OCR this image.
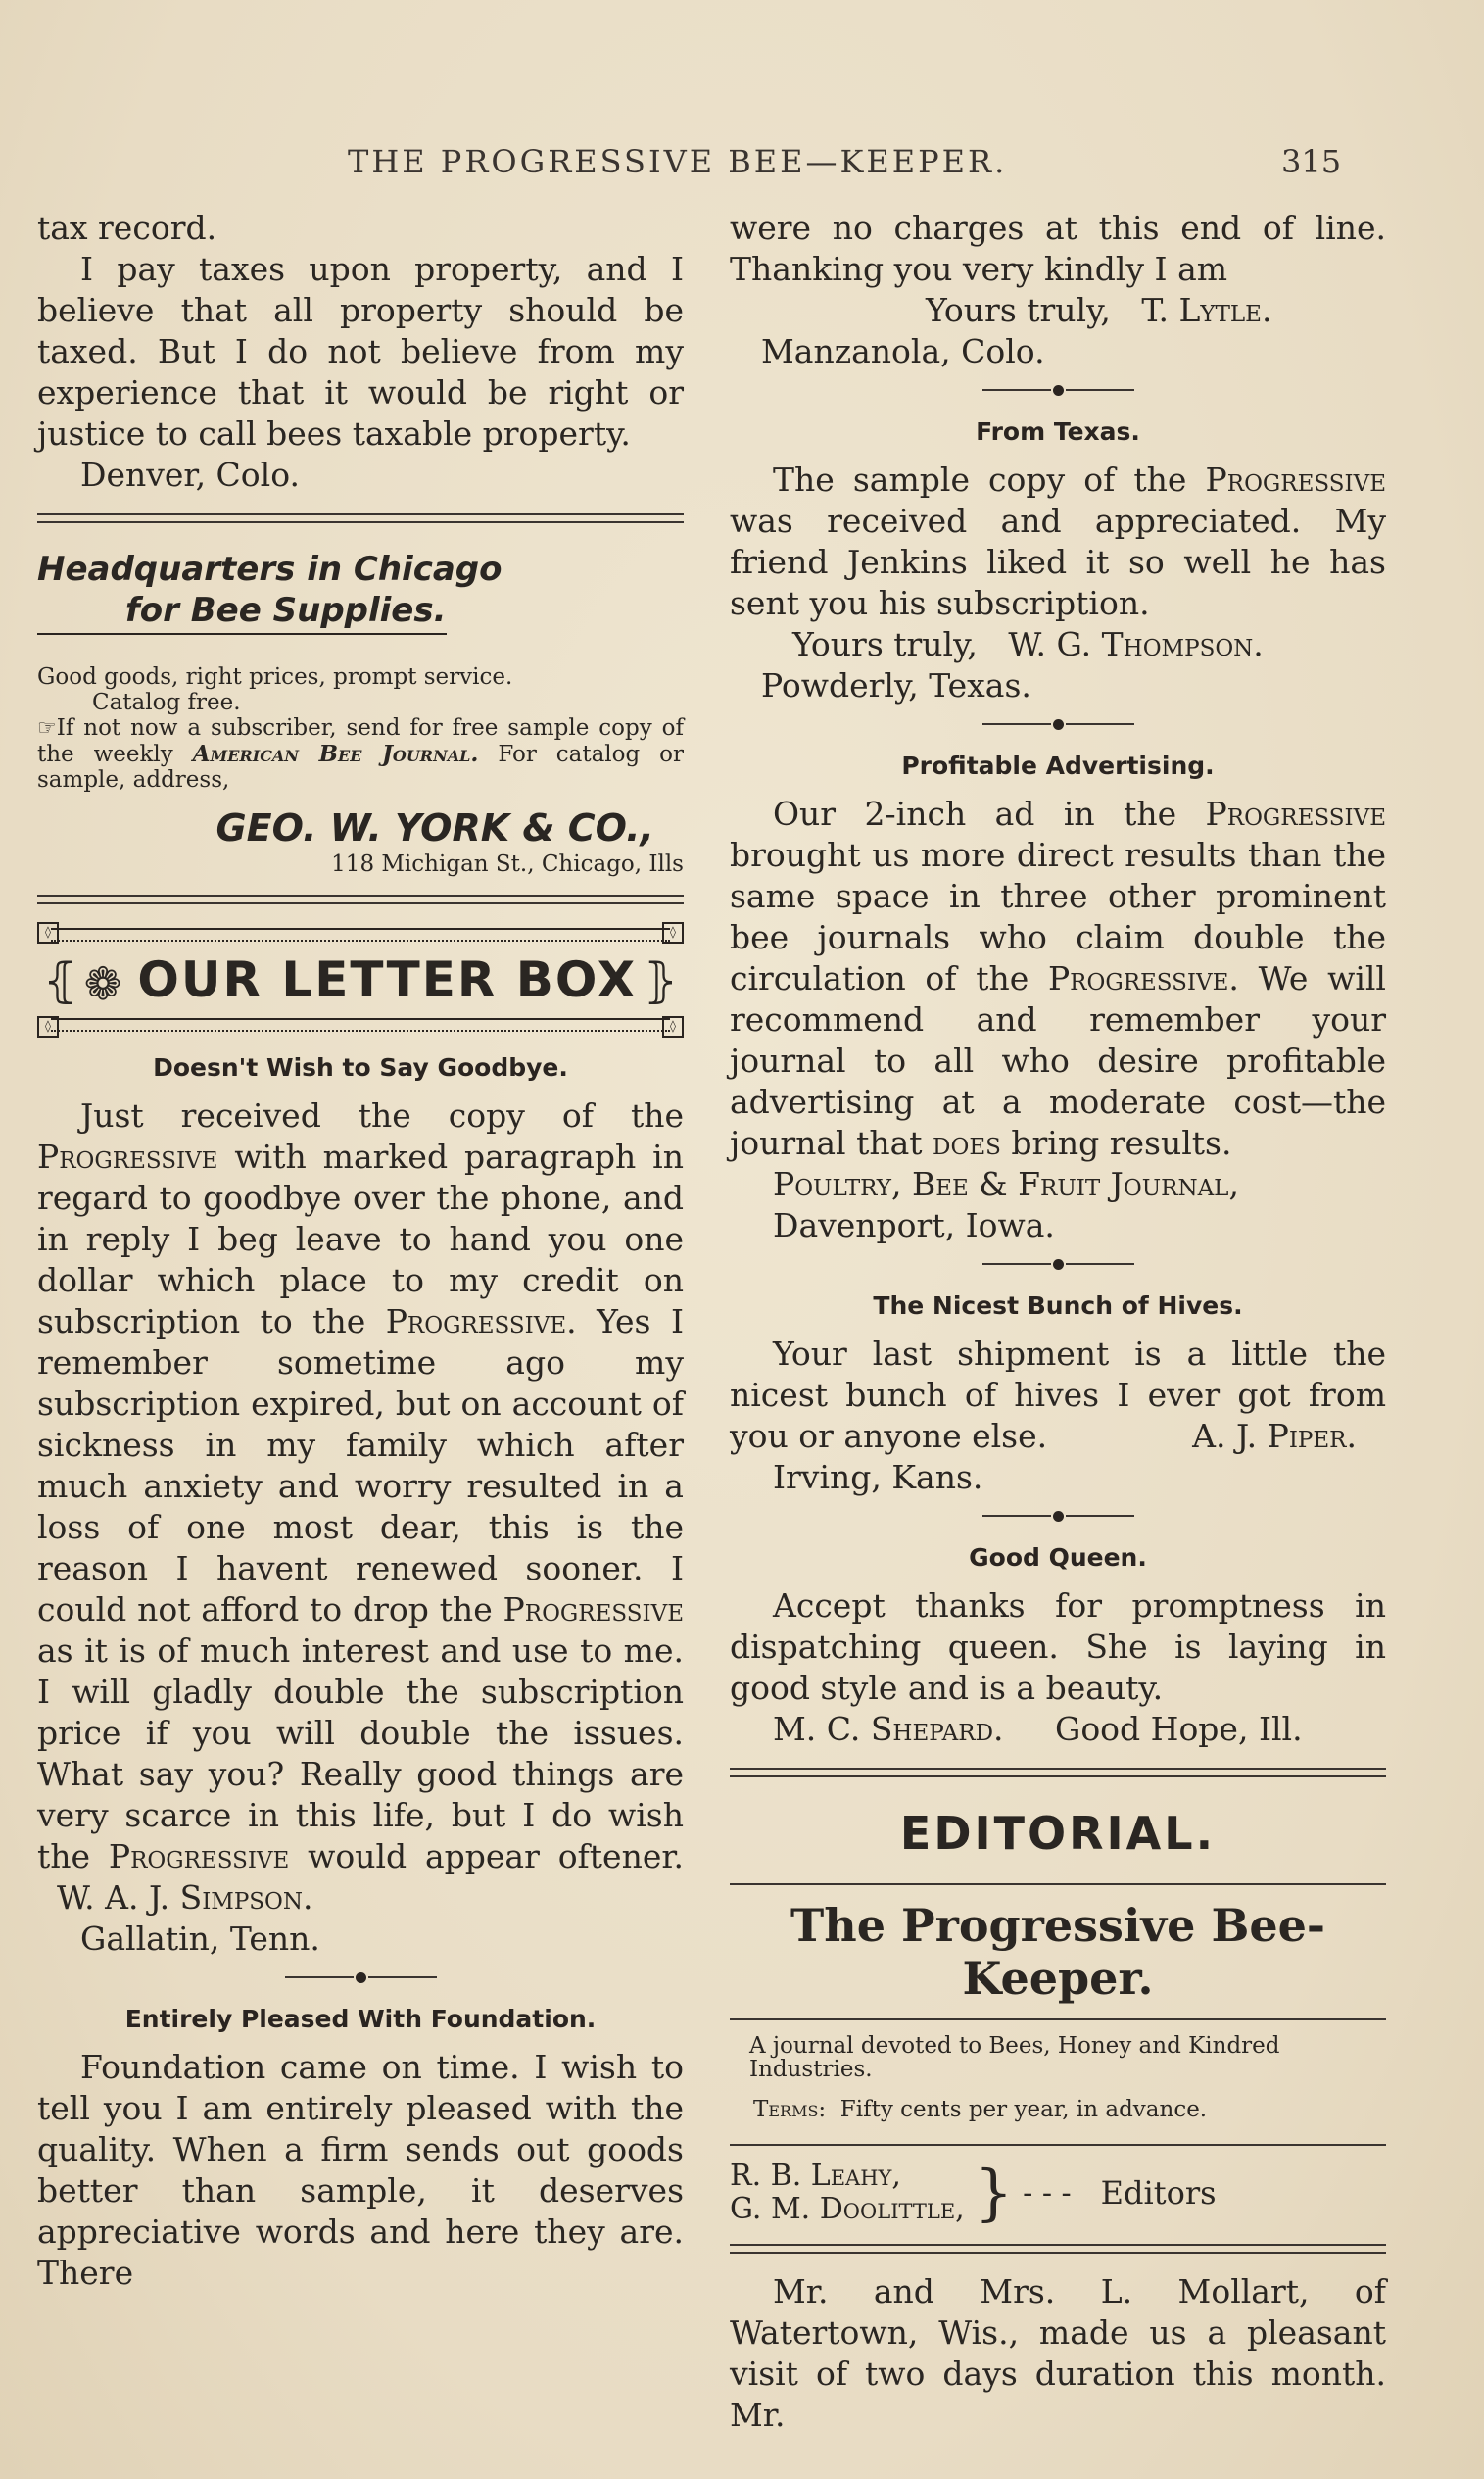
THE PROGRESSIVE BEE—KEEPER.	315

tax record.

I pay taxes upon property, and I believe that all property should be taxed. But I do not believe from my experience that it would be right or justice to call bees taxable property.

Denver, Colo.

Headquarters in Chicago
for Bee Supplies.

Good goods, right prices, prompt service.

Catalog free.

☞If not now a subscriber, send for free sample copy of the weekly American Bee Journal. For catalog or sample, address,

GEO. W. YORK & CO.,
118 Michigan St., Chicago, Ills
◊	◊
◊	◊
⦃	⦄
❁ OUR LETTER BOX
Doesn't Wish to Say Goodbye.

Just received the copy of the Progressive with marked paragraph in regard to goodbye over the phone, and in reply I beg leave to hand you one dollar which place to my credit on subscription to the Progressive. Yes I remember sometime ago my subscription expired, but on account of sickness in my family which after much anxiety and worry resulted in a loss of one most dear, this is the reason I havent renewed sooner. I could not afford to drop the Progressive as it is of much interest and use to me. I will gladly double the subscription price if you will double the issues. What say you? Really good things are very scarce in this life, but I do wish the Progressive would appear oftener. W. A. J. Simpson.

Gallatin, Tenn.

Entirely Pleased With Foundation.

Foundation came on time. I wish to tell you I am entirely pleased with the quality. When a firm sends out goods better than sample, it deserves appreciative words and here they are. There

were no charges at this end of line. Thanking you very kindly I am

Yours truly, T. Lytle.

Manzanola, Colo.

From Texas.

The sample copy of the Progressive was received and appreciated. My friend Jenkins liked it so well he has sent you his subscription.

Yours truly, W. G. Thompson.

Powderly, Texas.

Profitable Advertising.

Our 2-inch ad in the Progressive brought us more direct results than the same space in three other prominent bee journals who claim double the circulation of the Progressive. We will recommend and remember your journal to all who desire profitable advertising at a moderate cost—the journal that does bring results.

Poultry, Bee & Fruit Journal,

Davenport, Iowa.

The Nicest Bunch of Hives.

Your last shipment is a little the nicest bunch of hives I ever got from you or anyone else.	A. J. Piper.

Irving, Kans.

Good Queen.

Accept thanks for promptness in dispatching queen. She is laying in good style and is a beauty.

M. C. Shepard. Good Hope, Ill.

EDITORIAL.
The Progressive Bee-Keeper.

A journal devoted to Bees, Honey and Kindred Industries.

Terms: Fifty cents per year, in advance.

R. B. Leahy,
G. M. Doolittle, } - - - Editors

Mr. and Mrs. L. Mollart, of Watertown, Wis., made us a pleasant visit of two days duration this month. Mr.
